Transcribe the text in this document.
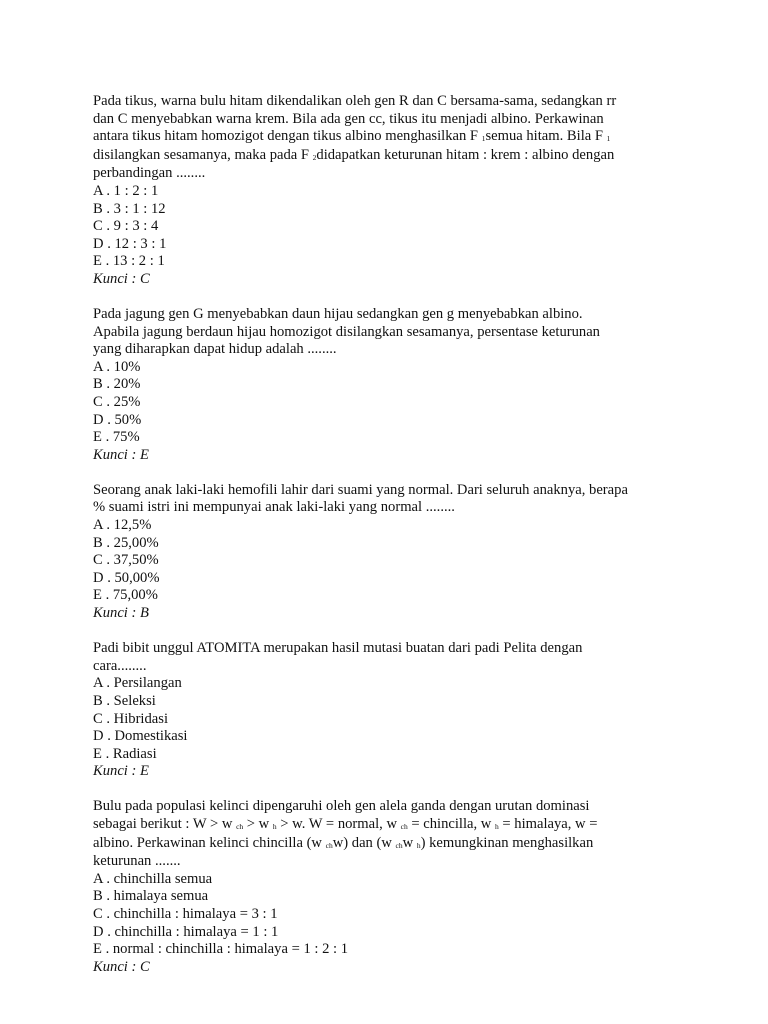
Pada tikus, warna bulu hitam dikendalikan oleh gen R dan C bersama-sama, sedangkan rr
dan C menyebabkan warna krem. Bila ada gen cc, tikus itu menjadi albino. Perkawinan
antara tikus hitam homozigot dengan tikus albino menghasilkan F 1semua hitam. Bila F 1
disilangkan sesamanya, maka pada F 2didapatkan keturunan hitam : krem : albino dengan
perbandingan ........
A . 1 : 2 : 1
B . 3 : 1 : 12
C . 9 : 3 : 4
D . 12 : 3 : 1
E . 13 : 2 : 1
Kunci : C
Pada jagung gen G menyebabkan daun hijau sedangkan gen g menyebabkan albino.
Apabila jagung berdaun hijau homozigot disilangkan sesamanya, persentase keturunan
yang diharapkan dapat hidup adalah ........
A . 10%
B . 20%
C . 25%
D . 50%
E . 75%
Kunci : E
Seorang anak laki-laki hemofili lahir dari suami yang normal. Dari seluruh anaknya, berapa
% suami istri ini mempunyai anak laki-laki yang normal ........
A . 12,5%
B . 25,00%
C . 37,50%
D . 50,00%
E . 75,00%
Kunci : B
Padi bibit unggul ATOMITA merupakan hasil mutasi buatan dari padi Pelita dengan
cara........
A . Persilangan
B . Seleksi
C . Hibridasi
D . Domestikasi
E . Radiasi
Kunci : E
Bulu pada populasi kelinci dipengaruhi oleh gen alela ganda dengan urutan dominasi
sebagai berikut : W > w ch > w h > w. W = normal, w ch = chincilla, w h = himalaya, w =
albino. Perkawinan kelinci chincilla (w chw) dan (w chw h) kemungkinan menghasilkan
keturunan .......
A . chinchilla semua
B . himalaya semua
C . chinchilla : himalaya = 3 : 1
D . chinchilla : himalaya = 1 : 1
E . normal : chinchilla : himalaya = 1 : 2 : 1
Kunci : C
